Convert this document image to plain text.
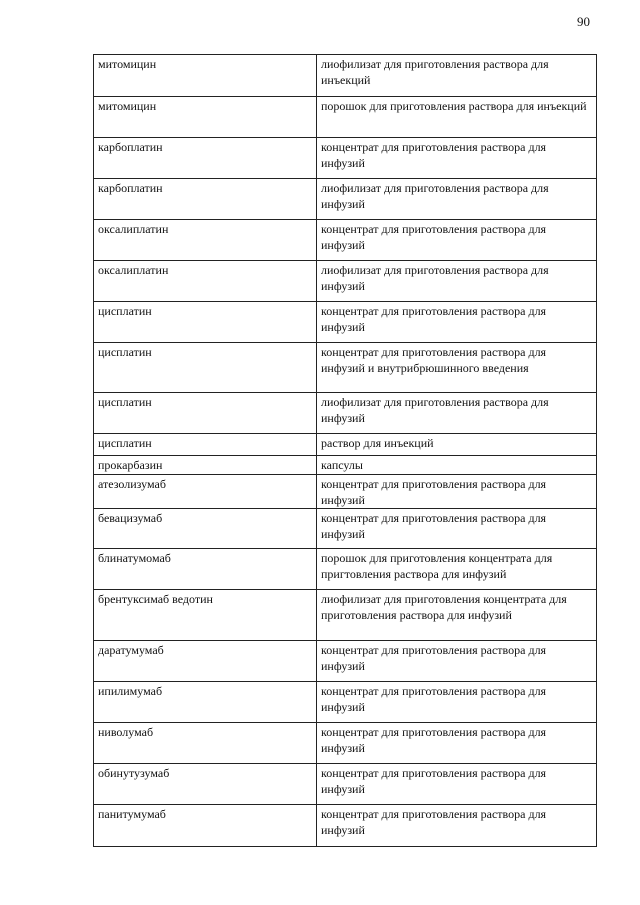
90
митомицин	лиофилизат для приготовления раствора для инъекций
митомицин	порошок для приготовления раствора для инъекций
карбоплатин	концентрат для приготовления раствора для инфузий
карбоплатин	лиофилизат для приготовления раствора для инфузий
оксалиплатин	концентрат для приготовления раствора для инфузий
оксалиплатин	лиофилизат для приготовления раствора для инфузий
цисплатин	концентрат для приготовления раствора для инфузий
цисплатин	концентрат для приготовления раствора для инфузий и внутрибрюшинного введения
цисплатин	лиофилизат для приготовления раствора для инфузий
цисплатин	раствор для инъекций
прокарбазин	капсулы
атезолизумаб	концентрат для приготовления раствора для инфузий
бевацизумаб	концентрат для приготовления раствора для инфузий
блинатумомаб	порошок для приготовления концентрата для пригтовления раствора для инфузий
брентуксимаб ведотин	лиофилизат для приготовления концентрата для приготовления раствора для инфузий
даратумумаб	концентрат для приготовления раствора для инфузий
ипилимумаб	концентрат для приготовления раствора для инфузий
ниволумаб	концентрат для приготовления раствора для инфузий
обинутузумаб	концентрат для приготовления раствора для инфузий
панитумумаб	концентрат для приготовления раствора для инфузий
